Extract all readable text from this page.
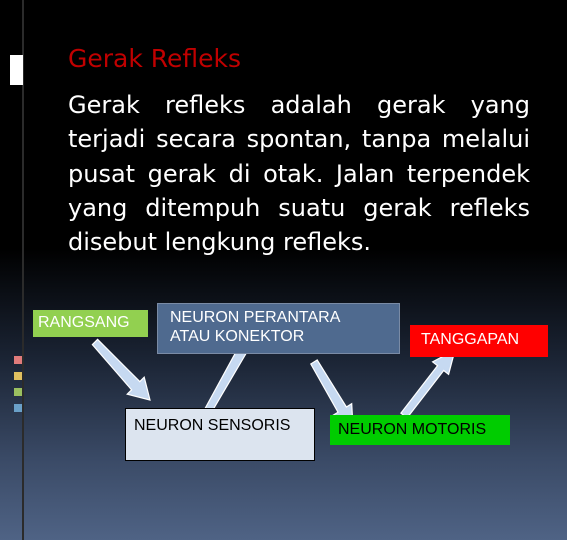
Gerak Refleks

Gerak refleks adalah gerak yang terjadi secara spontan, tanpa melalui pusat gerak di otak. Jalan terpendek yang ditempuh suatu gerak refleks disebut lengkung refleks.

RANGSANG	NEURON PERANTARA
ATAU KONEKTOR	TANGGAPAN
NEURON SENSORIS	NEURON MOTORIS
